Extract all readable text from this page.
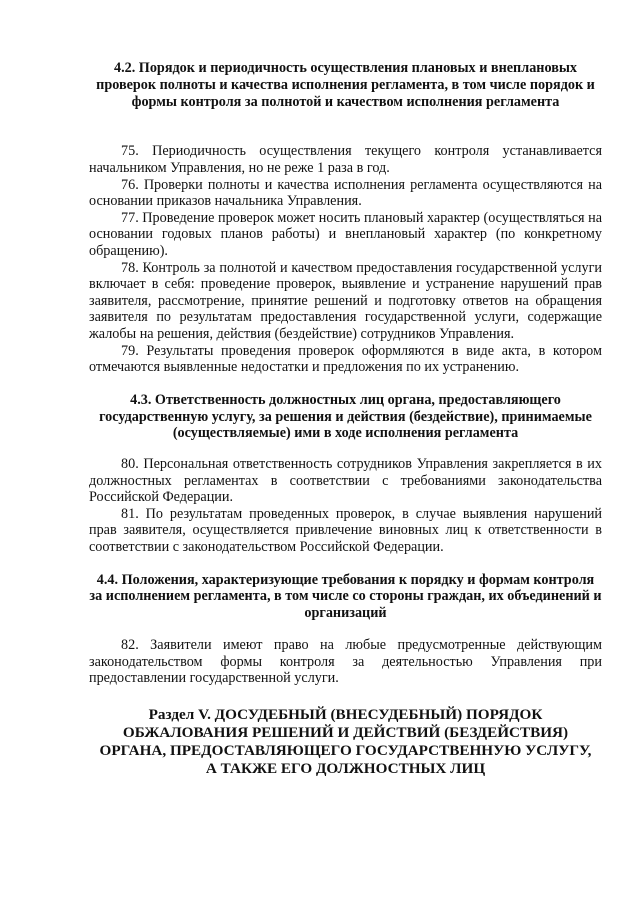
4.2. Порядок и периодичность осуществления плановых и внеплановых проверок полноты и качества исполнения регламента, в том числе порядок и формы контроля за полнотой и качеством исполнения регламента

75. Периодичность осуществления текущего контроля устанавливается начальником Управления, но не реже 1 раза в год.

76. Проверки полноты и качества исполнения регламента осуществляются на основании приказов начальника Управления.

77. Проведение проверок может носить плановый характер (осуществляться на основании годовых планов работы) и внеплановый характер (по конкретному обращению).

78. Контроль за полнотой и качеством предоставления государственной услуги включает в себя: проведение проверок, выявление и устранение нарушений прав заявителя, рассмотрение, принятие решений и подготовку ответов на обращения заявителя по результатам предоставления государственной услуги, содержащие жалобы на решения, действия (бездействие) сотрудников Управления.

79. Результаты проведения проверок оформляются в виде акта, в котором отмечаются выявленные недостатки и предложения по их устранению.

4.3. Ответственность должностных лиц органа, предоставляющего государственную услугу, за решения и действия (бездействие), принимаемые (осуществляемые) ими в ходе исполнения регламента

80. Персональная ответственность сотрудников Управления закрепляется в их должностных регламентах в соответствии с требованиями законодательства Российской Федерации.

81. По результатам проведенных проверок, в случае выявления нарушений прав заявителя, осуществляется привлечение виновных лиц к ответственности в соответствии с законодательством Российской Федерации.

4.4. Положения, характеризующие требования к порядку и формам контроля за исполнением регламента, в том числе со стороны граждан, их объединений и организаций

82. Заявители имеют право на любые предусмотренные действующим законодательством формы контроля за деятельностью Управления при предоставлении государственной услуги.

Раздел V. ДОСУДЕБНЫЙ (ВНЕСУДЕБНЫЙ) ПОРЯДОК
ОБЖАЛОВАНИЯ РЕШЕНИЙ И ДЕЙСТВИЙ (БЕЗДЕЙСТВИЯ)
ОРГАНА, ПРЕДОСТАВЛЯЮЩЕГО ГОСУДАРСТВЕННУЮ УСЛУГУ,
А ТАКЖЕ ЕГО ДОЛЖНОСТНЫХ ЛИЦ
